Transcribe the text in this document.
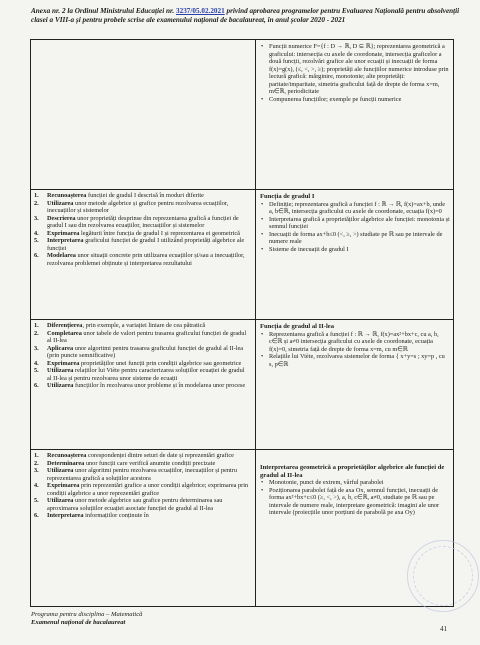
Anexa nr. 2 la Ordinul Ministrului Educației nr. 3237/05.02.2021 privind aprobarea programelor pentru Evaluarea Națională pentru absolvenții clasei a VIII-a și pentru probele scrise ale examenului național de bacalaureat, în anul școlar 2020 - 2021
• Funcții numerice F={f : D → ℝ, D ⊆ ℝ}; reprezentarea geometrică a graficului: intersecția cu axele de coordonate, intersecția graficelor a două funcții, rezolvări grafice ale unor ecuații și inecuații de forma f(x)=g(x), (≤, <, >, ≥); proprietăți ale funcțiilor numerice introduse prin lectură grafică: mărginire, monotonie; alte proprietăți: paritate/imparitate, simetria graficului față de drepte de forma x=m, m∈ℝ, periodicitate
• Compunerea funcțiilor; exemple pe funcții numerice
1. Recunoașterea funcției de gradul I descrisă în moduri diferite
2. Utilizarea unor metode algebrice și grafice pentru rezolvarea ecuațiilor, inecuațiilor și sistemelor
3. Descrierea unor proprietăți desprinse din reprezentarea grafică a funcției de gradul I sau din rezolvarea ecuațiilor, inecuațiilor și sistemelor
4. Exprimarea legăturii între funcția de gradul I și reprezentarea ei geometrică
5. Interpretarea graficului funcției de gradul I utilizând proprietăți algebrice ale funcției
6. Modelarea unor situații concrete prin utilizarea ecuațiilor și/sau a inecuațiilor, rezolvarea problemei obținute și interpretarea rezultatului
Funcția de gradul I
• Definiție; reprezentarea grafică a funcției f : ℝ → ℝ, f(x)=ax+b, unde a, b∈ℝ, intersecția graficului cu axele de coordonate, ecuația f(x)=0
• Interpretarea grafică a proprietăților algebrice ale funcției: monotonia și semnul funcției
• Inecuații de forma ax+b≤0 (<, ≥, >) studiate pe ℝ sau pe intervale de numere reale
• Sisteme de inecuații de gradul I
1. Diferențierea, prin exemple, a variației liniare de cea pătratică
2. Completarea unor tabele de valori pentru trasarea graficului funcției de gradul al II-lea
3. Aplicarea unor algoritmi pentru trasarea graficului funcției de gradul al II-lea (prin puncte semnificative)
4. Exprimarea proprietăților unei funcții prin condiții algebrice sau geometrice
5. Utilizarea relațiilor lui Viète pentru caracterizarea soluțiilor ecuației de gradul al II-lea și pentru rezolvarea unor sisteme de ecuații
6. Utilizarea funcțiilor în rezolvarea unor probleme și în modelarea unor procese
Funcția de gradul al II-lea
• Reprezentarea grafică a funcției f : ℝ → ℝ, f(x)=ax²+bx+c, cu a, b, c∈ℝ și a≠0 intersecția graficului cu axele de coordonate, ecuația f(x)=0, simetria față de drepte de forma x=m, cu m∈ℝ
• Relațiile lui Viète, rezolvarea sistemelor de forma { x+y=s ; xy=p , cu s, p∈ℝ
1. Recunoașterea corespondenței dintre seturi de date și reprezentări grafice
2. Determinarea unor funcții care verifică anumite condiții precizate
3. Utilizarea unor algoritmi pentru rezolvarea ecuațiilor, inecuațiilor și pentru reprezentarea grafică a soluțiilor acestora
4. Exprimarea prin reprezentări grafice a unor condiții algebrice; exprimarea prin condiții algebrice a unor reprezentări grafice
5. Utilizarea unor metode algebrice sau grafice pentru determinarea sau aproximarea soluțiilor ecuației asociate funcției de gradul al II-lea
6. Interpretarea informațiilor conținute în
Interpretarea geometrică a proprietăților algebrice ale funcției de gradul al II-lea
• Monotonie, punct de extrem, vârful parabolei
• Poziționarea parabolei față de axa Ox, semnul funcției, inecuații de forma ax²+bx+c≤0 (≥, <, >), a, b, c∈ℝ, a≠0, studiate pe ℝ sau pe intervale de numere reale, interpretare geometrică: imagini ale unor intervale (proiecțiile unor porțiuni de parabolă pe axa Oy)
Programa pentru disciplina – Matematică
Examenul național de bacalaureat
41
